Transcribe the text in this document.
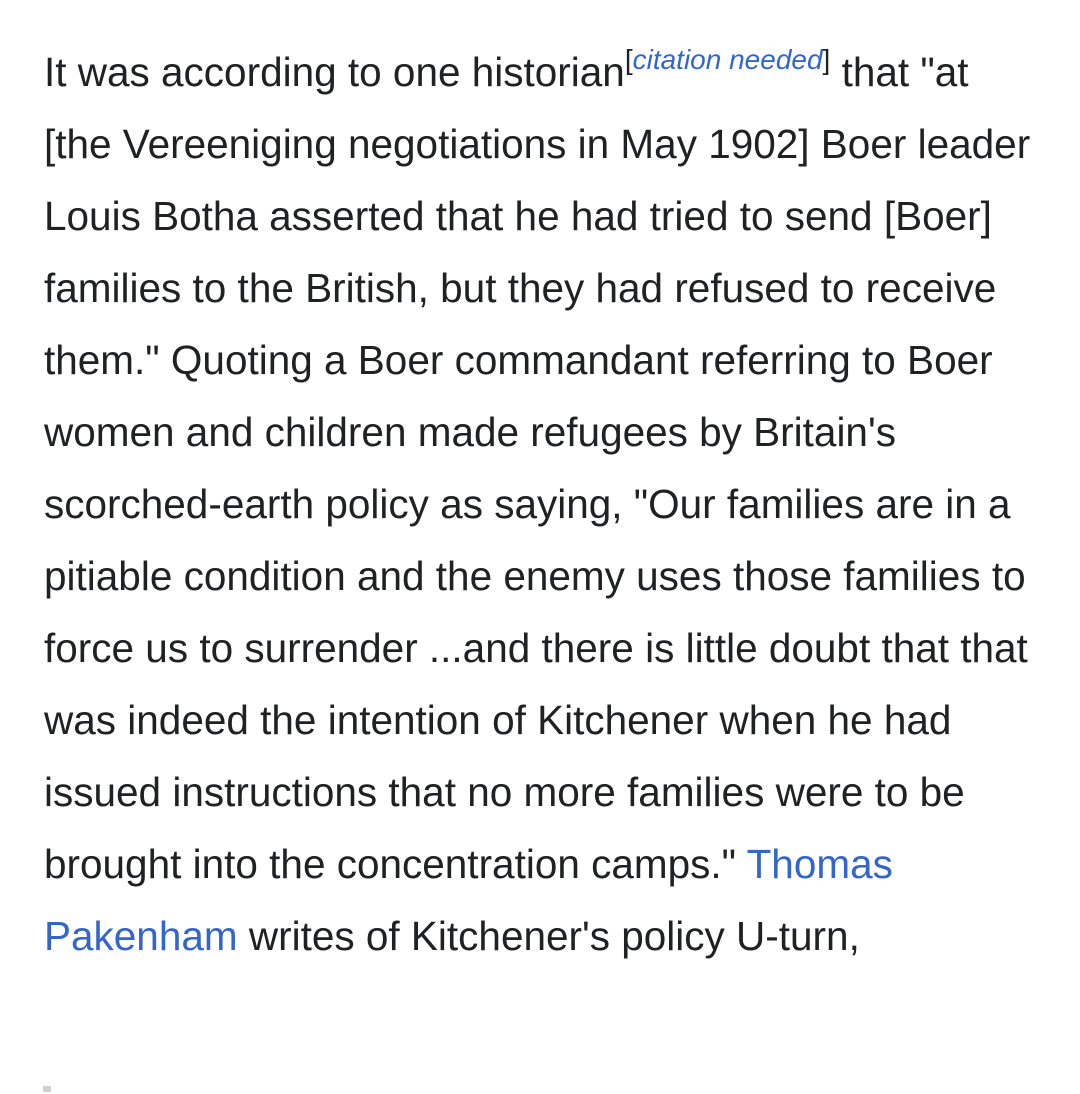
It was according to one historian[citation needed] that "at [the Vereeniging negotiations in May 1902] Boer leader Louis Botha asserted that he had tried to send [Boer] families to the British, but they had refused to receive them." Quoting a Boer commandant referring to Boer women and children made refugees by Britain's scorched-earth policy as saying, "Our families are in a pitiable condition and the enemy uses those families to force us to surrender ...and there is little doubt that that was indeed the intention of Kitchener when he had issued instructions that no more families were to be brought into the concentration camps." Thomas Pakenham writes of Kitchener's policy U-turn,
